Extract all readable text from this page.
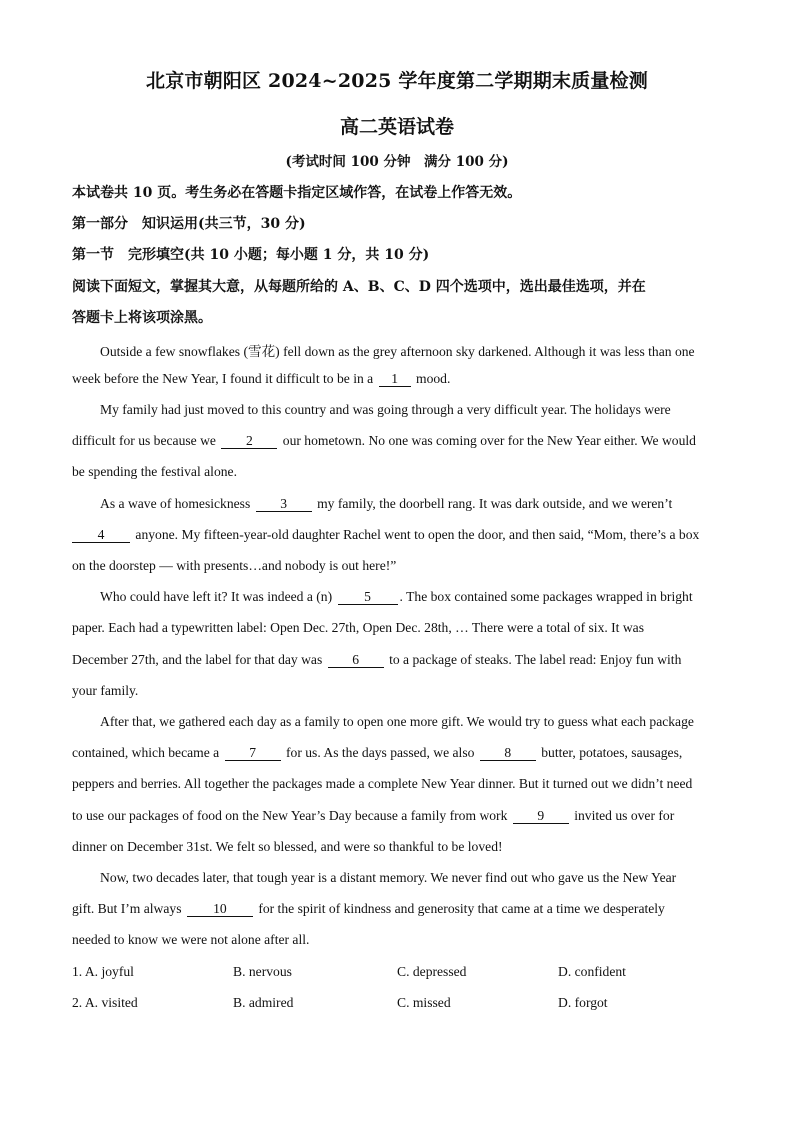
北京市朝阳区 2024~2025 学年度第二学期期末质量检测
高二英语试卷
(考试时间 100 分钟　满分 100 分)
本试卷共 10 页。考生务必在答题卡指定区域作答，在试卷上作答无效。
第一部分　知识运用(共三节，30 分)
第一节　完形填空(共 10 小题；每小题 1 分，共 10 分)
阅读下面短文，掌握其大意，从每题所给的 A、B、C、D 四个选项中，选出最佳选项，并在
答题卡上将该项涂黑。
Outside a few snowflakes (雪花) fell down as the grey afternoon sky darkened. Although it was less than one
week before the New Year, I found it difficult to be in a 1 mood.
My family had just moved to this country and was going through a very difficult year. The holidays were
difficult for us because we 2 our hometown. No one was coming over for the New Year either. We would
be spending the festival alone.
As a wave of homesickness 3 my family, the doorbell rang. It was dark outside, and we weren’t
4 anyone. My fifteen-year-old daughter Rachel went to open the door, and then said, “Mom, there’s a box
on the doorstep — with presents…and nobody is out here!”
Who could have left it? It was indeed a (n) 5 . The box contained some packages wrapped in bright
paper. Each had a typewritten label: Open Dec. 27th, Open Dec. 28th, … There were a total of six. It was
December 27th, and the label for that day was 6 to a package of steaks. The label read: Enjoy fun with
your family.
After that, we gathered each day as a family to open one more gift. We would try to guess what each package
contained, which became a 7 for us. As the days passed, we also 8 butter, potatoes, sausages,
peppers and berries. All together the packages made a complete New Year dinner. But it turned out we didn’t need
to use our packages of food on the New Year’s Day because a family from work 9 invited us over for
dinner on December 31st. We felt so blessed, and were so thankful to be loved!
Now, two decades later, that tough year is a distant memory. We never find out who gave us the New Year
gift. But I’m always 10 for the spirit of kindness and generosity that came at a time we desperately
needed to know we were not alone after all.
1. A. joyful	B. nervous	C. depressed	D. confident
2. A. visited	B. admired	C. missed	D. forgot
